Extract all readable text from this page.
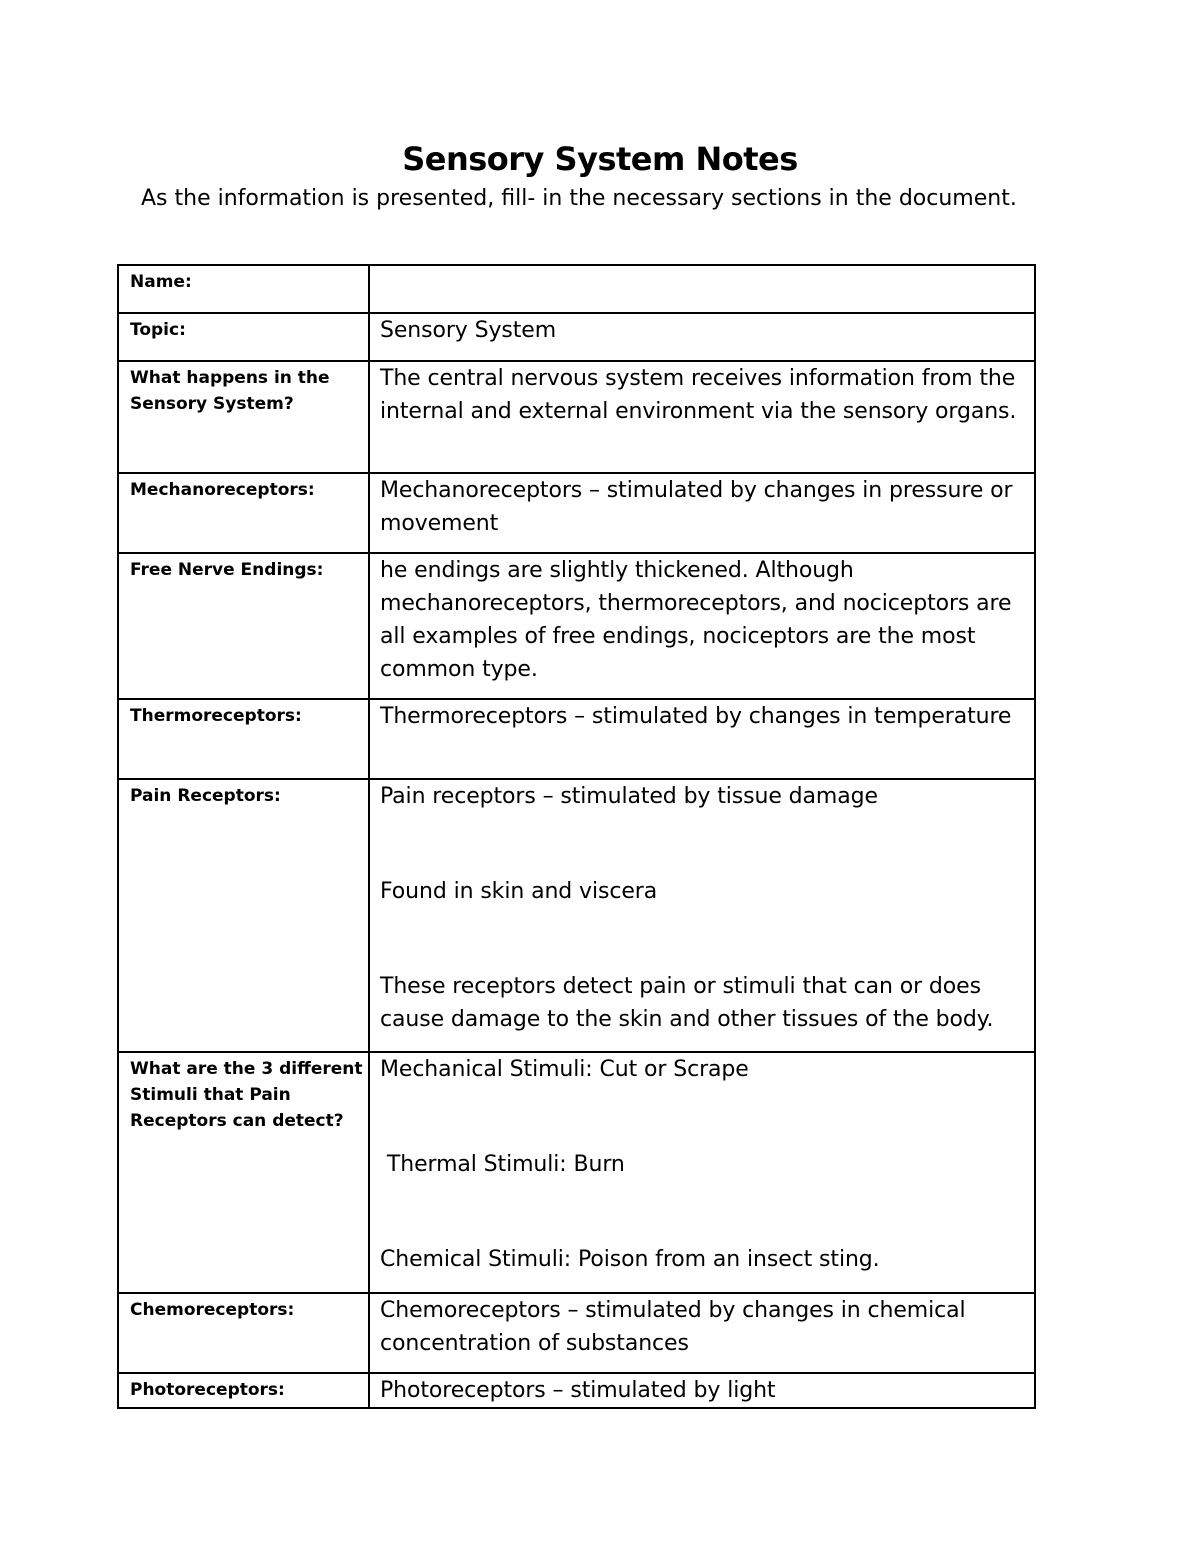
Sensory System Notes

As the information is presented, fill- in the necessary sections in the document.

Name:	
Topic:	Sensory System
What happens in the Sensory System?	The central nervous system receives information from the internal and external environment via the sensory organs.
Mechanoreceptors:	Mechanoreceptors – stimulated by changes in pressure or movement
Free Nerve Endings:	he endings are slightly thickened. Although mechanoreceptors, thermoreceptors, and nociceptors are all examples of free endings, nociceptors are the most common type.
Thermoreceptors:	Thermoreceptors – stimulated by changes in temperature
Pain Receptors:	Pain receptors – stimulated by tissue damage

Found in skin and viscera

These receptors detect pain or stimuli that can or does cause damage to the skin and other tissues of the body.

What are the 3 different Stimuli that Pain Receptors can detect?	Mechanical Stimuli: Cut or Scrape

Thermal Stimuli: Burn

Chemical Stimuli: Poison from an insect sting.

Chemoreceptors:	Chemoreceptors – stimulated by changes in chemical concentration of substances
Photoreceptors:	Photoreceptors – stimulated by light
